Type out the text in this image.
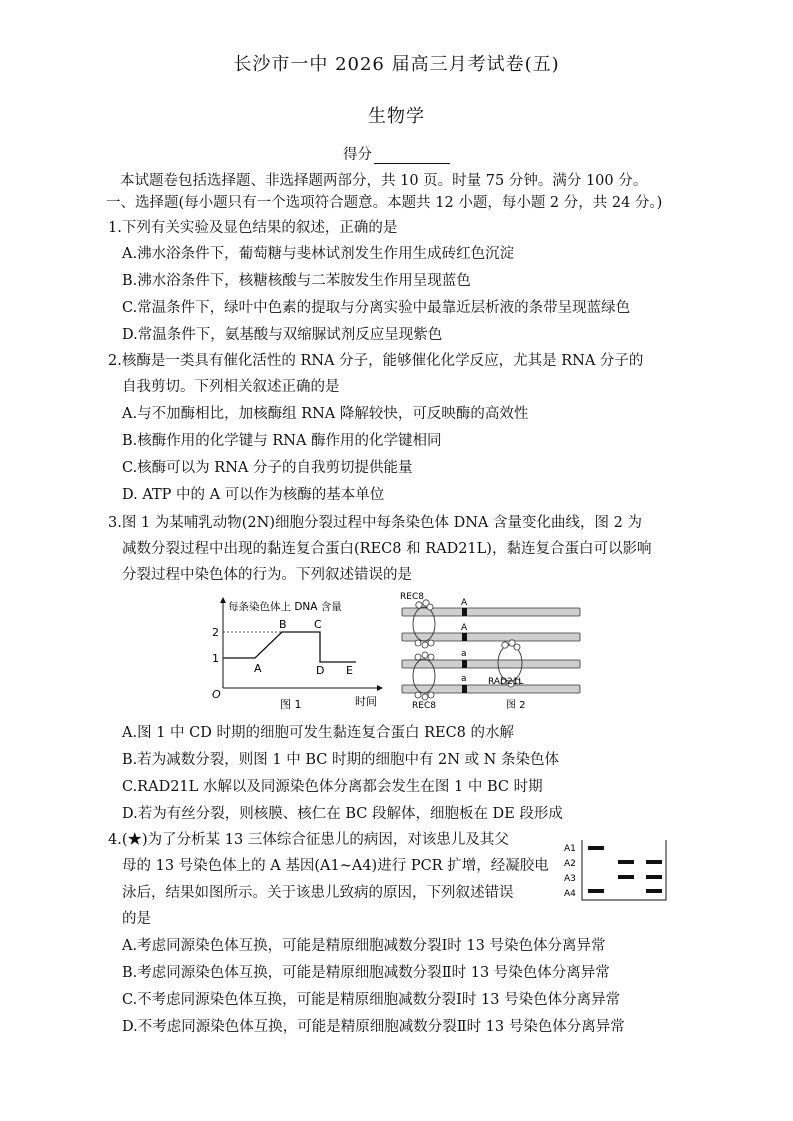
长沙市一中 2026 届高三月考试卷(五)
生物学
得分
本试题卷包括选择题、非选择题两部分，共 10 页。时量 75 分钟。满分 100 分。
一、选择题(每小题只有一个选项符合题意。本题共 12 小题，每小题 2 分，共 24 分。)
1.下列有关实验及显色结果的叙述，正确的是
A.沸水浴条件下，葡萄糖与斐林试剂发生作用生成砖红色沉淀
B.沸水浴条件下，核糖核酸与二苯胺发生作用呈现蓝色
C.常温条件下，绿叶中色素的提取与分离实验中最靠近层析液的条带呈现蓝绿色
D.常温条件下，氨基酸与双缩脲试剂反应呈现紫色
2.核酶是一类具有催化活性的 RNA 分子，能够催化化学反应，尤其是 RNA 分子的
自我剪切。下列相关叙述正确的是
A.与不加酶相比，加核酶组 RNA 降解较快，可反映酶的高效性
B.核酶作用的化学键与 RNA 酶作用的化学键相同
C.核酶可以为 RNA 分子的自我剪切提供能量
D. ATP 中的 A 可以作为核酶的基本单位
3.图 1 为某哺乳动物(2N)细胞分裂过程中每条染色体 DNA 含量变化曲线，图 2 为
减数分裂过程中出现的黏连复合蛋白(REC8 和 RAD21L)，黏连复合蛋白可以影响
分裂过程中染色体的行为。下列叙述错误的是
每条染色体上 DNA 含量
2
1
O
A
B C
D E
时间
图 1
REC8
A
A
a
a RAD21L
REC8	图 2
A.图 1 中 CD 时期的细胞可发生黏连复合蛋白 REC8 的水解
B.若为减数分裂，则图 1 中 BC 时期的细胞中有 2N 或 N 条染色体
C.RAD21L 水解以及同源染色体分离都会发生在图 1 中 BC 时期
D.若为有丝分裂，则核膜、核仁在 BC 段解体，细胞板在 DE 段形成
4.(★)为了分析某 13 三体综合征患儿的病因，对该患儿及其父
母的 13 号染色体上的 A 基因(A1~A4)进行 PCR 扩增，经凝胶电
泳后，结果如图所示。关于该患儿致病的原因，下列叙述错误
的是
A1
A2
A3
A4
A.考虑同源染色体互换，可能是精原细胞减数分裂Ⅰ时 13 号染色体分离异常
B.考虑同源染色体互换，可能是精原细胞减数分裂Ⅱ时 13 号染色体分离异常
C.不考虑同源染色体互换，可能是精原细胞减数分裂Ⅰ时 13 号染色体分离异常
D.不考虑同源染色体互换，可能是精原细胞减数分裂Ⅱ时 13 号染色体分离异常
